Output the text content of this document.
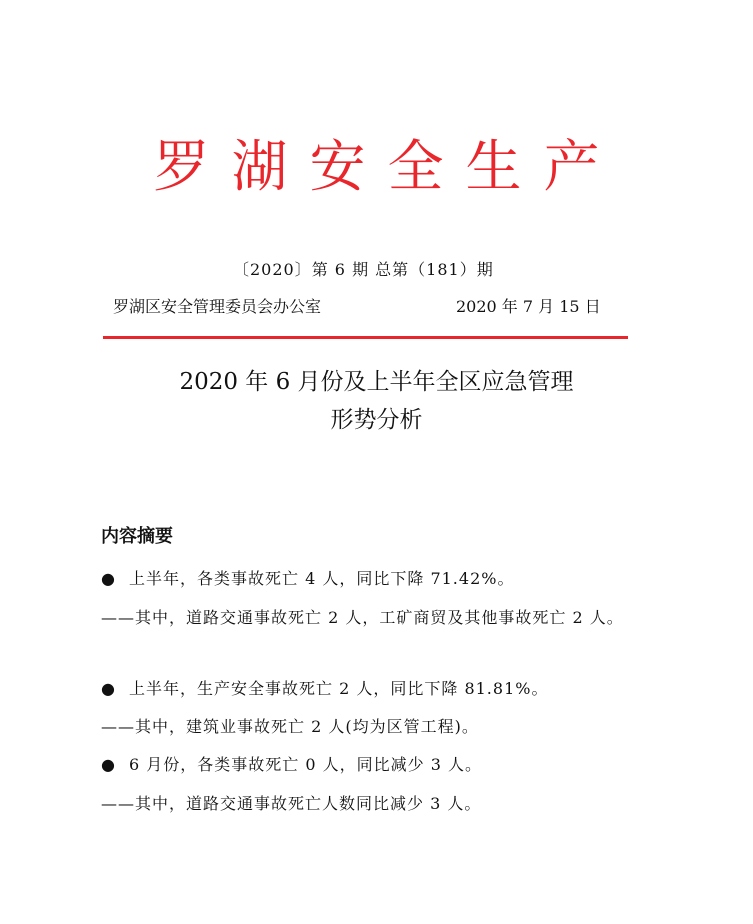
罗湖安全生产
〔2020〕第 6 期 总第（181）期
罗湖区安全管理委员会办公室	2020 年 7 月 15 日
2020 年 6 月份及上半年全区应急管理
形势分析
内容摘要
● 上半年，各类事故死亡 4 人，同比下降 71.42%。
——其中，道路交通事故死亡 2 人，工矿商贸及其他事故死亡 2 人。
● 上半年，生产安全事故死亡 2 人，同比下降 81.81%。
——其中，建筑业事故死亡 2 人(均为区管工程)。
● 6 月份，各类事故死亡 0 人，同比减少 3 人。
——其中，道路交通事故死亡人数同比减少 3 人。
